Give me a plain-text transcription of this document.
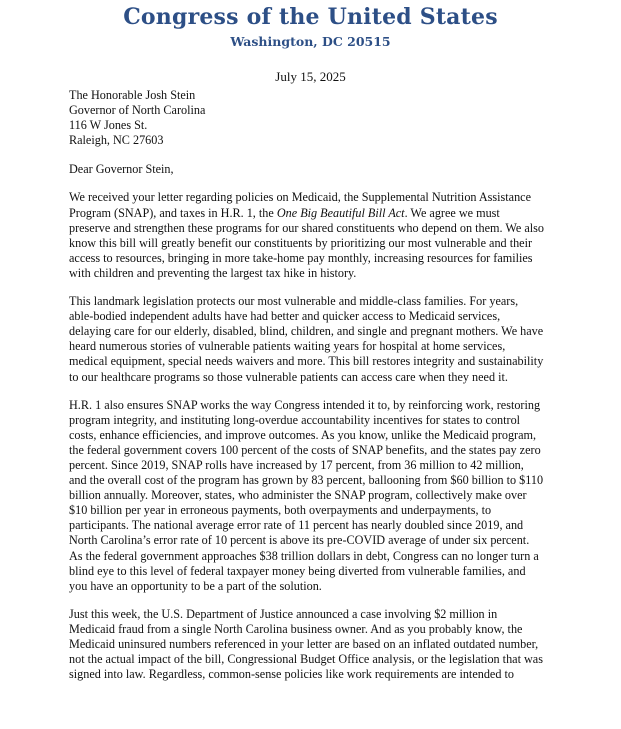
Congress of the United States
Washington, DC 20515
July 15, 2025
The Honorable Josh Stein
Governor of North Carolina
116 W Jones St.
Raleigh, NC 27603
Dear Governor Stein,

We received your letter regarding policies on Medicaid, the Supplemental Nutrition Assistance

Program (SNAP), and taxes in H.R. 1, the One Big Beautiful Bill Act. We agree we must

preserve and strengthen these programs for our shared constituents who depend on them. We also

know this bill will greatly benefit our constituents by prioritizing our most vulnerable and their

access to resources, bringing in more take-home pay monthly, increasing resources for families

with children and preventing the largest tax hike in history.

This landmark legislation protects our most vulnerable and middle-class families. For years,

able-bodied independent adults have had better and quicker access to Medicaid services,

delaying care for our elderly, disabled, blind, children, and single and pregnant mothers. We have

heard numerous stories of vulnerable patients waiting years for hospital at home services,

medical equipment, special needs waivers and more. This bill restores integrity and sustainability

to our healthcare programs so those vulnerable patients can access care when they need it.

H.R. 1 also ensures SNAP works the way Congress intended it to, by reinforcing work, restoring

program integrity, and instituting long-overdue accountability incentives for states to control

costs, enhance efficiencies, and improve outcomes. As you know, unlike the Medicaid program,

the federal government covers 100 percent of the costs of SNAP benefits, and the states pay zero

percent. Since 2019, SNAP rolls have increased by 17 percent, from 36 million to 42 million,

and the overall cost of the program has grown by 83 percent, ballooning from $60 billion to $110

billion annually. Moreover, states, who administer the SNAP program, collectively make over

$10 billion per year in erroneous payments, both overpayments and underpayments, to

participants. The national average error rate of 11 percent has nearly doubled since 2019, and

North Carolina’s error rate of 10 percent is above its pre-COVID average of under six percent.

As the federal government approaches $38 trillion dollars in debt, Congress can no longer turn a

blind eye to this level of federal taxpayer money being diverted from vulnerable families, and

you have an opportunity to be a part of the solution.

Just this week, the U.S. Department of Justice announced a case involving $2 million in

Medicaid fraud from a single North Carolina business owner. And as you probably know, the

Medicaid uninsured numbers referenced in your letter are based on an inflated outdated number,

not the actual impact of the bill, Congressional Budget Office analysis, or the legislation that was

signed into law. Regardless, common-sense policies like work requirements are intended to
